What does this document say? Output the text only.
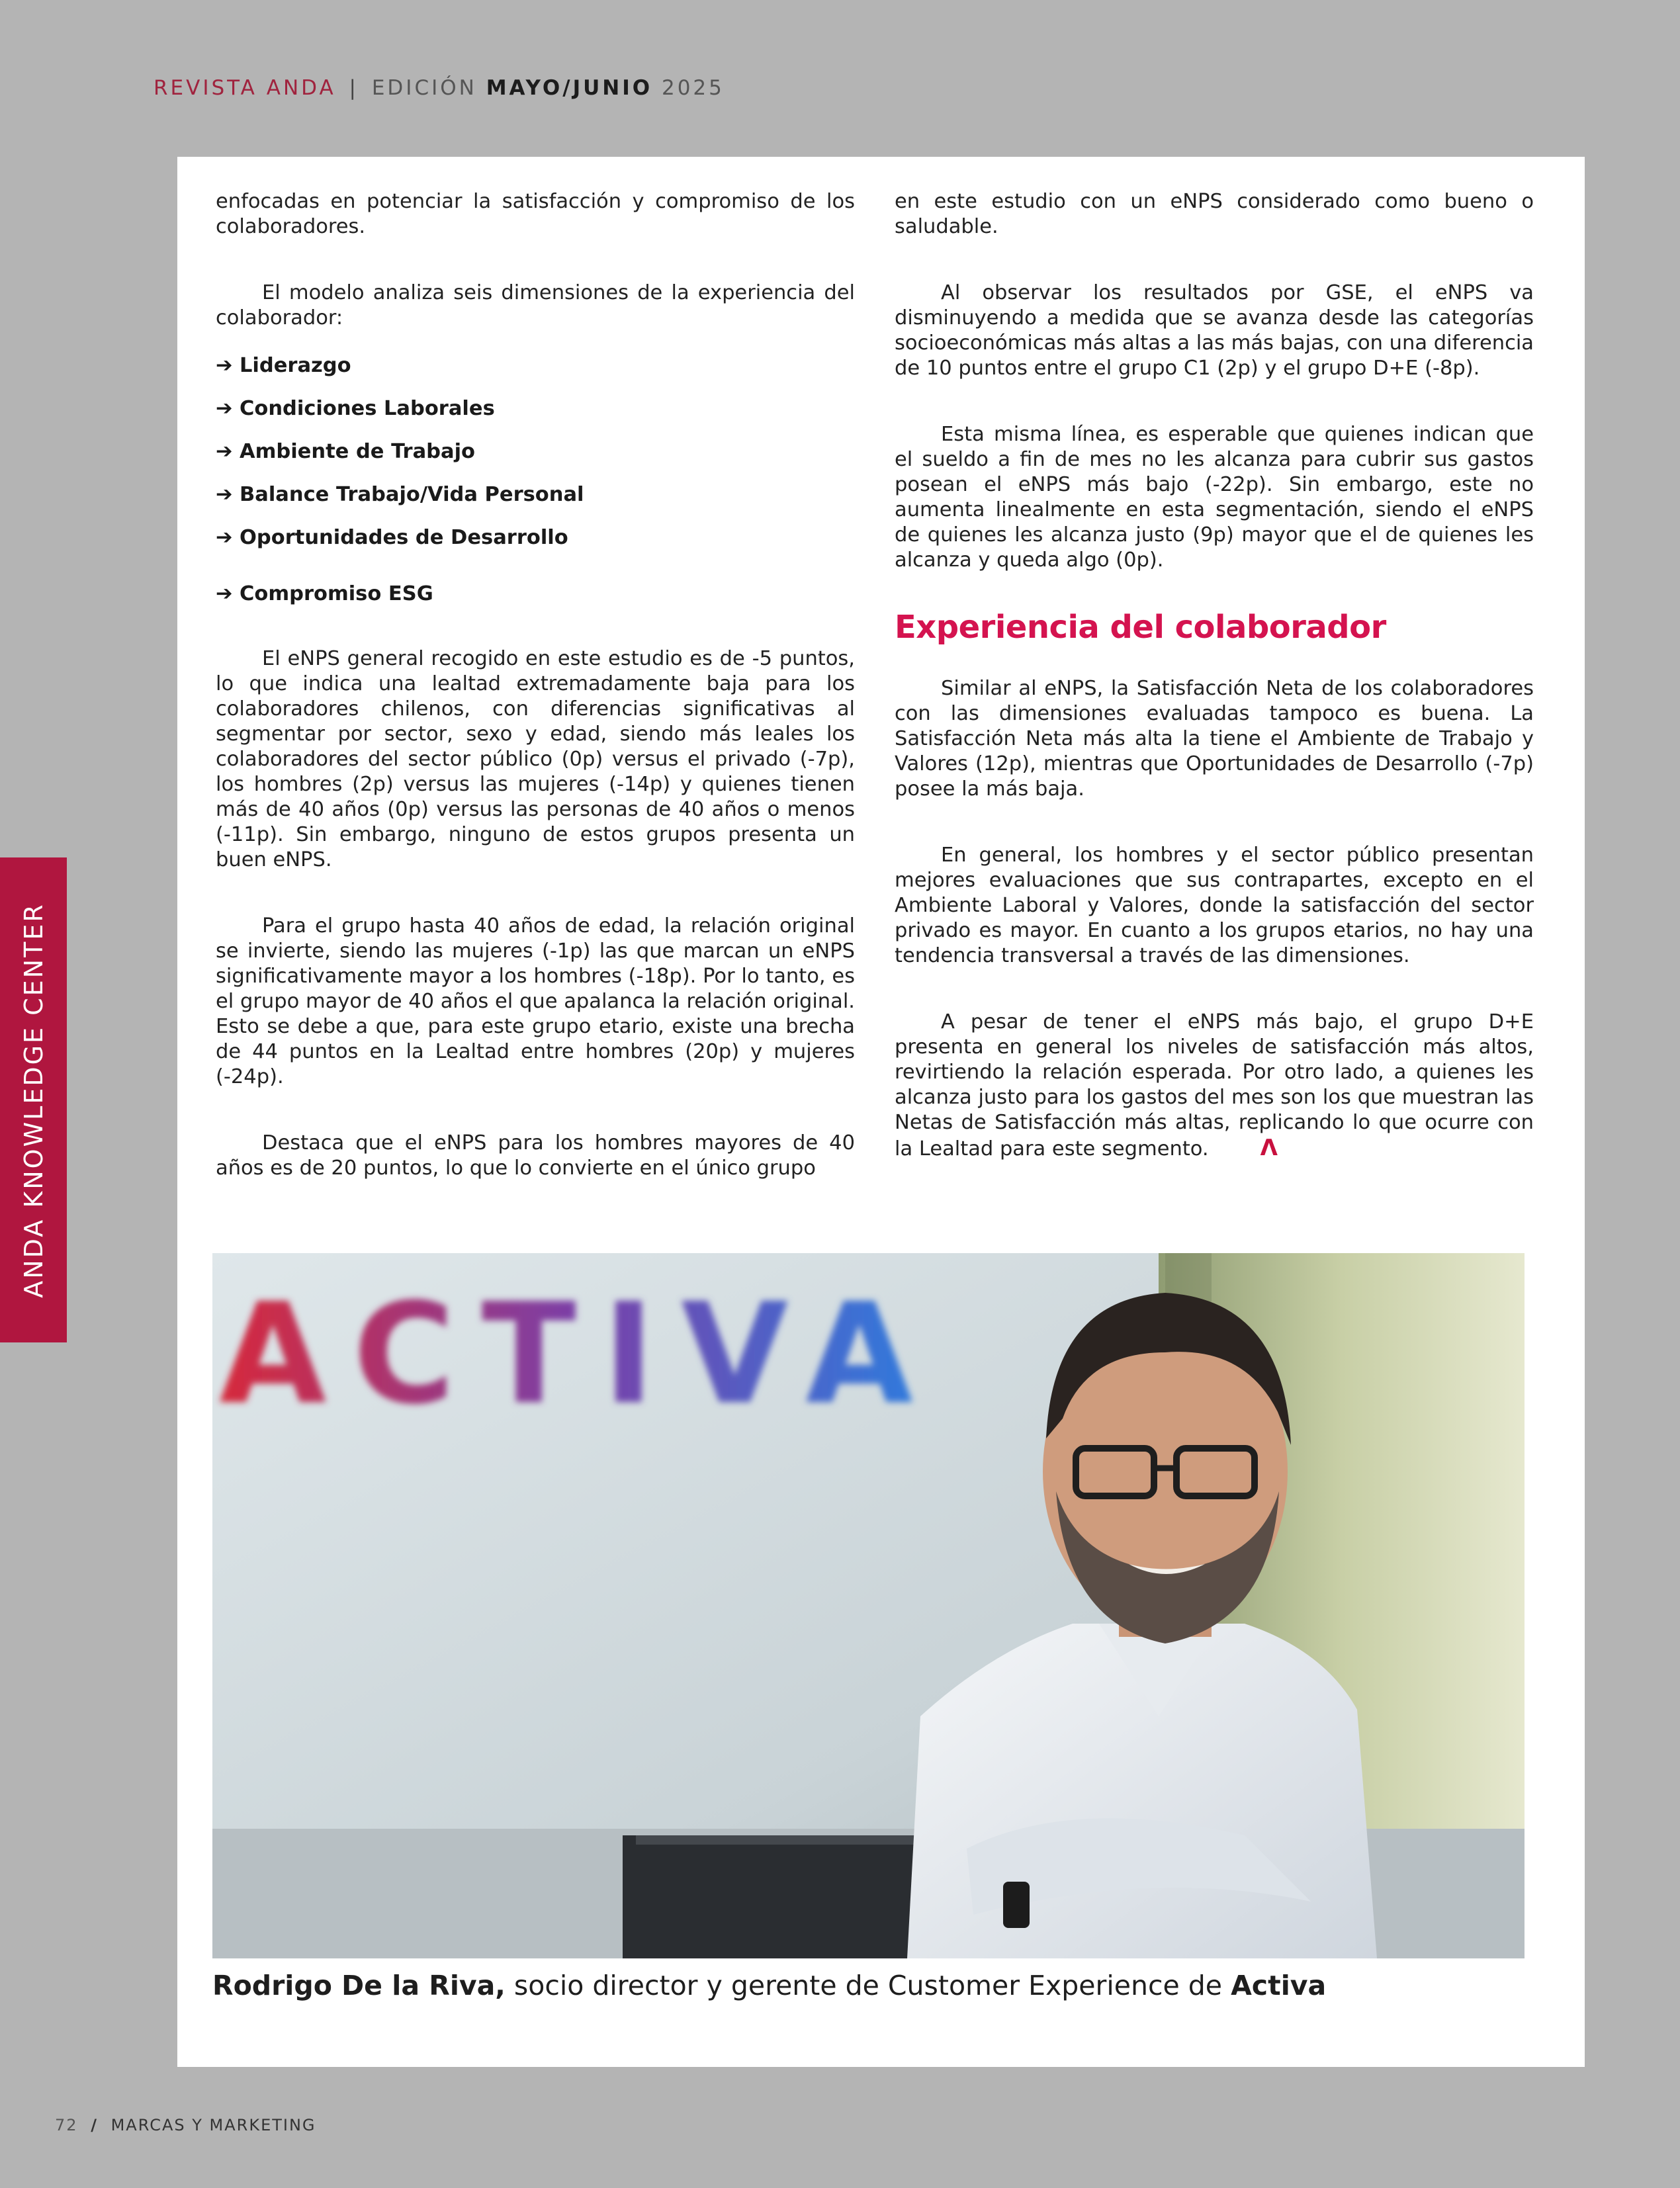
REVISTA ANDA | EDICIÓN MAYO/JUNIO 2025
ANDA KNOWLEDGE CENTER

enfocadas en potenciar la satisfacción y compromiso de los colaboradores.

El modelo analiza seis dimensiones de la experiencia del colaborador:

➔ Liderazgo
➔ Condiciones Laborales
➔ Ambiente de Trabajo
➔ Balance Trabajo/Vida Personal
➔ Oportunidades de Desarrollo
➔ Compromiso ESG

El eNPS general recogido en este estudio es de -5 puntos, lo que indica una lealtad extremadamente baja para los colaboradores chilenos, con diferencias significativas al segmentar por sector, sexo y edad, siendo más leales los colaboradores del sector público (0p) versus el privado (-7p), los hombres (2p) versus las mujeres (-14p) y quienes tienen más de 40 años (0p) versus las personas de 40 años o menos (-11p). Sin embargo, ninguno de estos grupos presenta un buen eNPS.

Para el grupo hasta 40 años de edad, la relación original se invierte, siendo las mujeres (-1p) las que marcan un eNPS significativamente mayor a los hombres (-18p). Por lo tanto, es el grupo mayor de 40 años el que apalanca la relación original. Esto se debe a que, para este grupo etario, existe una brecha de 44 puntos en la Lealtad entre hombres (20p) y mujeres (-24p).

Destaca que el eNPS para los hombres mayores de 40 años es de 20 puntos, lo que lo convierte en el único grupo

en este estudio con un eNPS considerado como bueno o saludable.

Al observar los resultados por GSE, el eNPS va disminuyendo a medida que se avanza desde las categorías socioeconómicas más altas a las más bajas, con una diferencia de 10 puntos entre el grupo C1 (2p) y el grupo D+E (-8p).

Esta misma línea, es esperable que quienes indican que el sueldo a fin de mes no les alcanza para cubrir sus gastos posean el eNPS más bajo (-22p). Sin embargo, este no aumenta linealmente en esta segmentación, siendo el eNPS de quienes les alcanza justo (9p) mayor que el de quienes les alcanza y queda algo (0p).

Experiencia del colaborador

Similar al eNPS, la Satisfacción Neta de los colaboradores con las dimensiones evaluadas tampoco es buena. La Satisfacción Neta más alta la tiene el Ambiente de Trabajo y Valores (12p), mientras que Oportunidades de Desarrollo (-7p) posee la más baja.

En general, los hombres y el sector público presentan mejores evaluaciones que sus contrapartes, excepto en el Ambiente Laboral y Valores, donde la satisfacción del sector privado es mayor. En cuanto a los grupos etarios, no hay una tendencia transversal a través de las dimensiones.

A pesar de tener el eNPS más bajo, el grupo D+E presenta en general los niveles de satisfacción más altos, revirtiendo la relación esperada. Por otro lado, a quienes les alcanza justo para los gastos del mes son los que muestran las Netas de Satisfacción más altas, replicando lo que ocurre con la Lealtad para este segmento. Λ

ACTIVA
Rodrigo De la Riva, socio director y gerente de Customer Experience de Activa
72 / MARCAS Y MARKETING
